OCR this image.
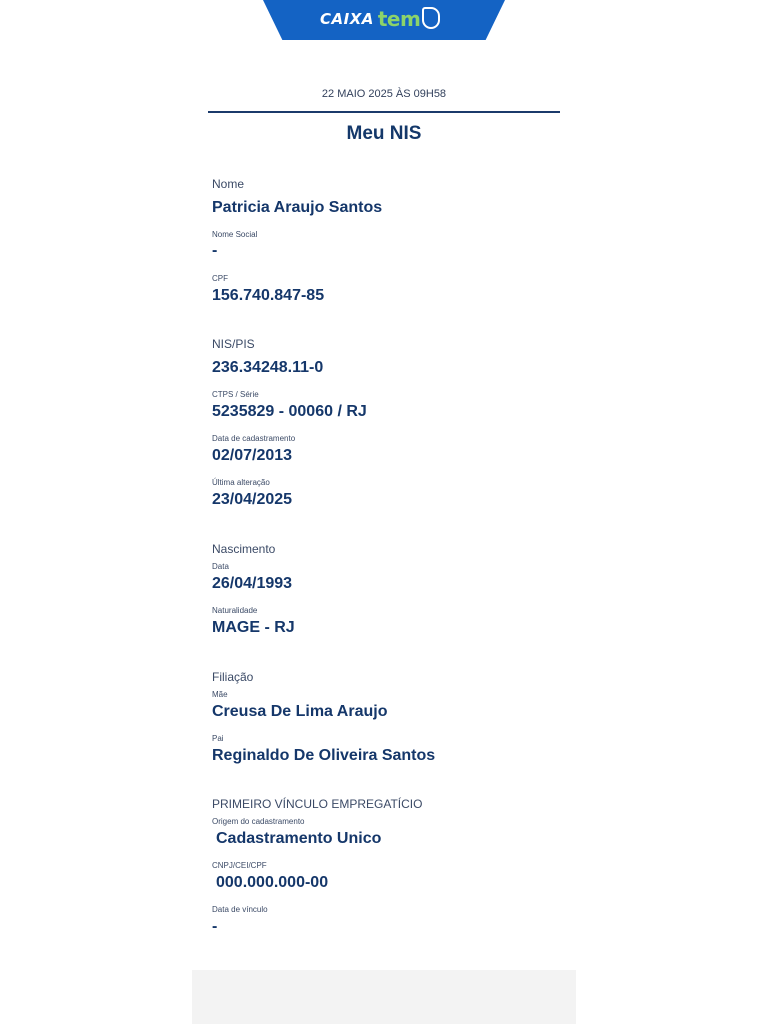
CAIXA tem
22 MAIO 2025 ÀS 09H58
Meu NIS
Nome
Patricia Araujo Santos
Nome Social
-
CPF
156.740.847-85
NIS/PIS
236.34248.11-0
CTPS / Série
5235829 - 00060 / RJ
Data de cadastramento
02/07/2013
Última alteração
23/04/2025
Nascimento
Data
26/04/1993
Naturalidade
MAGE - RJ
Filiação
Mãe
Creusa De Lima Araujo
Pai
Reginaldo De Oliveira Santos
PRIMEIRO VÍNCULO EMPREGATÍCIO
Origem do cadastramento
Cadastramento Unico
CNPJ/CEI/CPF
000.000.000-00
Data de vínculo
-
